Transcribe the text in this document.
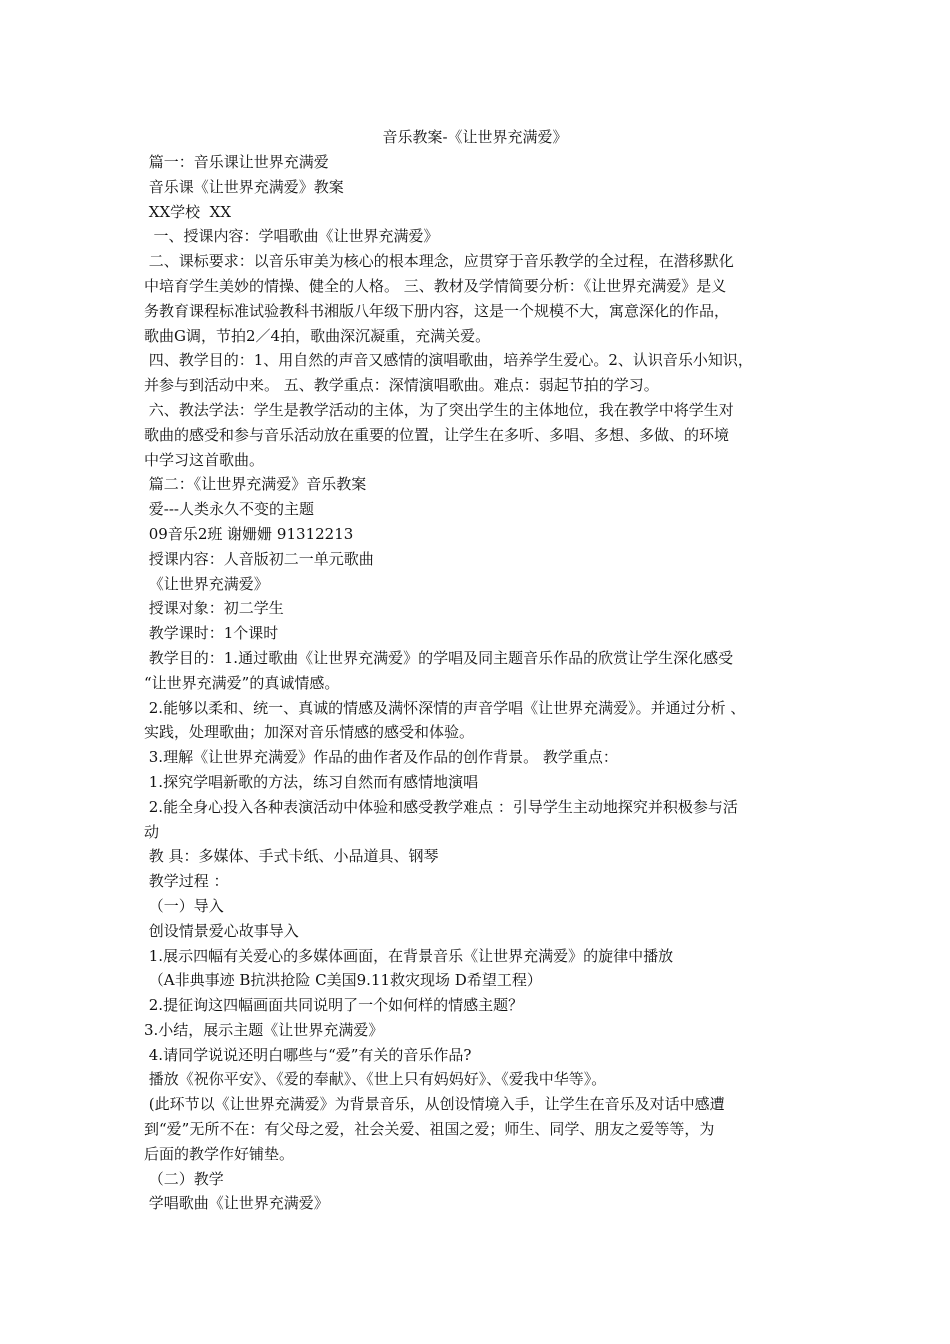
音乐教案-《让世界充满爱》

篇一：音乐课让世界充满爱

音乐课《让世界充满爱》教案

XX学校  XX

一、授课内容：学唱歌曲《让世界充满爱》

二、课标要求：以音乐审美为核心的根本理念，应贯穿于音乐教学的全过程，在潜移默化

中培育学生美妙的情操、健全的人格。 三、教材及学情简要分析：《让世界充满爱》是义

务教育课程标准试验教科书湘版八年级下册内容，这是一个规模不大，寓意深化的作品，

歌曲G调，节拍2／4拍，歌曲深沉凝重，充满关爱。

四、教学目的：1、用自然的声音又感情的演唱歌曲，培养学生爱心。2、认识音乐小知识，

并参与到活动中来。 五、教学重点：深情演唱歌曲。难点：弱起节拍的学习。

六、教法学法：学生是教学活动的主体，为了突出学生的主体地位，我在教学中将学生对

歌曲的感受和参与音乐活动放在重要的位置，让学生在多听、多唱、多想、多做、的环境

中学习这首歌曲。

篇二：《让世界充满爱》音乐教案

爱---人类永久不变的主题

09音乐2班 谢姗姗 91312213

授课内容：人音版初二一单元歌曲

《让世界充满爱》

授课对象：初二学生

教学课时：1个课时

教学目的：1.通过歌曲《让世界充满爱》的学唱及同主题音乐作品的欣赏让学生深化感受

“让世界充满爱”的真诚情感。

2.能够以柔和、统一、真诚的情感及满怀深情的声音学唱《让世界充满爱》。并通过分析 、

实践，处理歌曲；加深对音乐情感的感受和体验。

3.理解《让世界充满爱》作品的曲作者及作品的创作背景。 教学重点：

1.探究学唱新歌的方法，练习自然而有感情地演唱

2.能全身心投入各种表演活动中体验和感受教学难点 ：引导学生主动地探究并积极参与活

动

教 具：多媒体、手式卡纸、小品道具、钢琴

教学过程 ：

（一）导入

创设情景爱心故事导入

1.展示四幅有关爱心的多媒体画面，在背景音乐《让世界充满爱》的旋律中播放

（A非典事迹 B抗洪抢险 C美国9.11救灾现场 D希望工程）

2.提征询这四幅画面共同说明了一个如何样的情感主题？

3.小结，展示主题《让世界充满爱》

4.请同学说说还明白哪些与“爱”有关的音乐作品?

播放《祝你平安》、《爱的奉献》、《世上只有妈妈好》、《爱我中华等》。

(此环节以《让世界充满爱》为背景音乐，从创设情境入手，让学生在音乐及对话中感遭

到“爱”无所不在：有父母之爱，社会关爱、祖国之爱；师生、同学、朋友之爱等等，为

后面的教学作好铺垫。

（二）教学

学唱歌曲《让世界充满爱》
